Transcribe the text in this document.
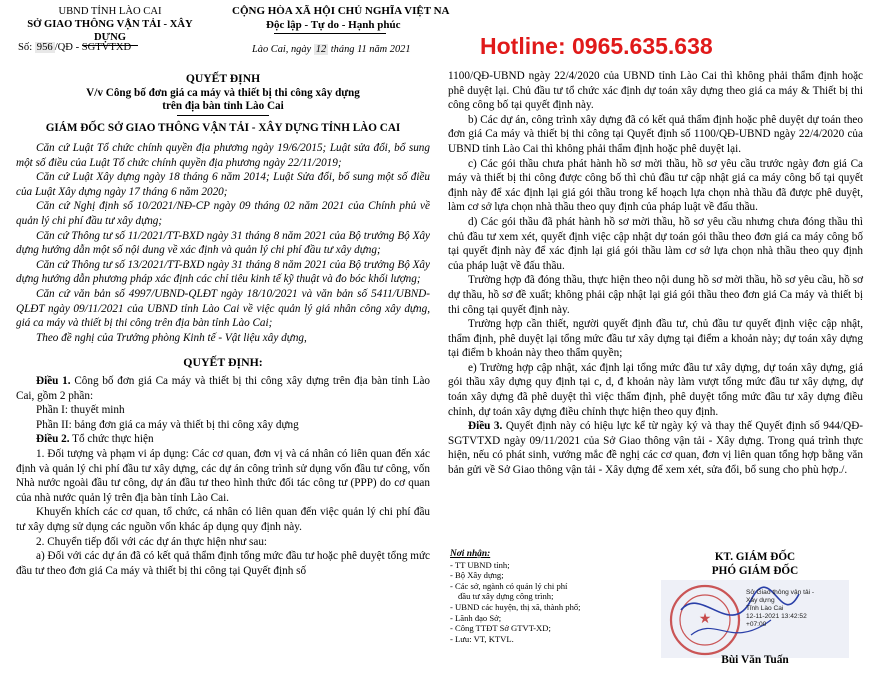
UBND TỈNH LÀO CAI
SỞ GIAO THÔNG VẬN TẢI - XÂY DỰNG
Số: 956 /QĐ - SGTVTXD
CỘNG HÒA XÃ HỘI CHỦ NGHĨA VIỆT NA
Độc lập - Tự do - Hạnh phúc
Lào Cai, ngày 12 tháng 11 năm 2021	Hotline: 0965.635.638
QUYẾT ĐỊNH
V/v Công bố đơn giá ca máy và thiết bị thi công xây dựng
trên địa bàn tỉnh Lào Cai
GIÁM ĐỐC SỞ GIAO THÔNG VẬN TẢI - XÂY DỰNG TỈNH LÀO CAI

Căn cứ Luật Tổ chức chính quyền địa phương ngày 19/6/2015; Luật sửa đổi, bổ sung một số điều của Luật Tổ chức chính quyền địa phương ngày 22/11/2019;

Căn cứ Luật Xây dựng ngày 18 tháng 6 năm 2014; Luật Sửa đổi, bổ sung một số điều của Luật Xây dựng ngày 17 tháng 6 năm 2020;

Căn cứ Nghị định số 10/2021/NĐ-CP ngày 09 tháng 02 năm 2021 của Chính phủ về quản lý chi phí đầu tư xây dựng;

Căn cứ Thông tư số 11/2021/TT-BXD ngày 31 tháng 8 năm 2021 của Bộ trưởng Bộ Xây dựng hướng dẫn một số nội dung về xác định và quản lý chi phí đầu tư xây dựng;

Căn cứ Thông tư số 13/2021/TT-BXD ngày 31 tháng 8 năm 2021 của Bộ trưởng Bộ Xây dựng hướng dẫn phương pháp xác định các chỉ tiêu kinh tế kỹ thuật và đo bóc khối lượng;

Căn cứ văn bản số 4997/UBND-QLĐT ngày 18/10/2021 và văn bản số 5411/UBND-QLĐT ngày 09/11/2021 của UBND tỉnh Lào Cai về việc quản lý giá nhân công xây dựng, giá ca máy và thiết bị thi công trên địa bàn tỉnh Lào Cai;

Theo đề nghị của Trưởng phòng Kinh tế - Vật liệu xây dựng,

QUYẾT ĐỊNH:

Điều 1. Công bố đơn giá Ca máy và thiết bị thi công xây dựng trên địa bàn tỉnh Lào Cai, gồm 2 phần:

Phần I: thuyết minh

Phần II: bảng đơn giá ca máy và thiết bị thi công xây dựng

Điều 2. Tổ chức thực hiện

1. Đối tượng và phạm vi áp dụng: Các cơ quan, đơn vị và cá nhân có liên quan đến xác định và quản lý chi phí đầu tư xây dựng, các dự án công trình sử dụng vốn đầu tư công, vốn Nhà nước ngoài đầu tư công, dự án đầu tư theo hình thức đối tác công tư (PPP) do cơ quan của nhà nước quản lý trên địa bàn tỉnh Lào Cai.

Khuyến khích các cơ quan, tổ chức, cá nhân có liên quan đến việc quản lý chi phí đầu tư xây dựng sử dụng các nguồn vốn khác áp dụng quy định này.

2. Chuyển tiếp đối với các dự án thực hiện như sau:

a) Đối với các dự án đã có kết quả thẩm định tổng mức đầu tư hoặc phê duyệt tổng mức đầu tư theo đơn giá Ca máy và thiết bị thi công tại Quyết định số

1100/QĐ-UBND ngày 22/4/2020 của UBND tỉnh Lào Cai thì không phải thẩm định hoặc phê duyệt lại. Chủ đầu tư tổ chức xác định dự toán xây dựng theo giá ca máy & Thiết bị thi công công bố tại quyết định này.

b) Các dự án, công trình xây dựng đã có kết quả thẩm định hoặc phê duyệt dự toán theo đơn giá Ca máy và thiết bị thi công tại Quyết định số 1100/QĐ-UBND ngày 22/4/2020 của UBND tỉnh Lào Cai thì không phải thẩm định hoặc phê duyệt lại.

c) Các gói thầu chưa phát hành hồ sơ mời thầu, hồ sơ yêu cầu trước ngày đơn giá Ca máy và thiết bị thi công được công bố thì chủ đầu tư cập nhật giá ca máy công bố tại quyết định này để xác định lại giá gói thầu trong kế hoạch lựa chọn nhà thầu đã được phê duyệt, làm cơ sở lựa chọn nhà thầu theo quy định của pháp luật về đấu thầu.

d) Các gói thầu đã phát hành hồ sơ mời thầu, hồ sơ yêu cầu nhưng chưa đóng thầu thì chủ đầu tư xem xét, quyết định việc cập nhật dự toán gói thầu theo đơn giá ca máy công bố tại quyết định này để xác định lại giá gói thầu làm cơ sở lựa chọn nhà thầu theo quy định của pháp luật về đấu thầu.

Trường hợp đã đóng thầu, thực hiện theo nội dung hồ sơ mời thầu, hồ sơ yêu cầu, hồ sơ dự thầu, hồ sơ đề xuất; không phải cập nhật lại giá gói thầu theo đơn giá Ca máy và thiết bị thi công tại quyết định này.

Trường hợp cần thiết, người quyết định đầu tư, chủ đầu tư quyết định việc cập nhật, thẩm định, phê duyệt lại tổng mức đầu tư xây dựng tại điểm a khoản này; dự toán xây dựng tại điểm b khoản này theo thẩm quyền;

e) Trường hợp cập nhật, xác định lại tổng mức đầu tư xây dựng, dự toán xây dựng, giá gói thầu xây dựng quy định tại c, d, đ khoản này làm vượt tổng mức đầu tư xây dựng, dự toán xây dựng đã phê duyệt thì việc thẩm định, phê duyệt tổng mức đầu tư xây dựng điều chỉnh, dự toán xây dựng điều chỉnh thực hiện theo quy định.

Điều 3. Quyết định này có hiệu lực kể từ ngày ký và thay thế Quyết định số 944/QĐ-SGTVTXD ngày 09/11/2021 của Sở Giao thông vận tải - Xây dựng. Trong quá trình thực hiện, nếu có phát sinh, vướng mắc đề nghị các cơ quan, đơn vị liên quan tổng hợp bằng văn bản gửi về Sở Giao thông vận tải - Xây dựng để xem xét, sửa đổi, bổ sung cho phù hợp./.

Nơi nhận:

- TT UBND tỉnh;

- Bộ Xây dựng;

- Các sở, ngành có quản lý chi phí

đầu tư xây dựng công trình;

- UBND các huyện, thị xã, thành phố;

- Lãnh đạo Sở;

- Công TTĐT Sở GTVT-XD;

- Lưu: VT, KTVL.

KT. GIÁM ĐỐC
PHÓ GIÁM ĐỐC
★
Sở Giao thông vận tải -
Xây dựng
Tỉnh Lào Cai
12-11-2021 13:42:52
+07:00
Bùi Văn Tuấn
